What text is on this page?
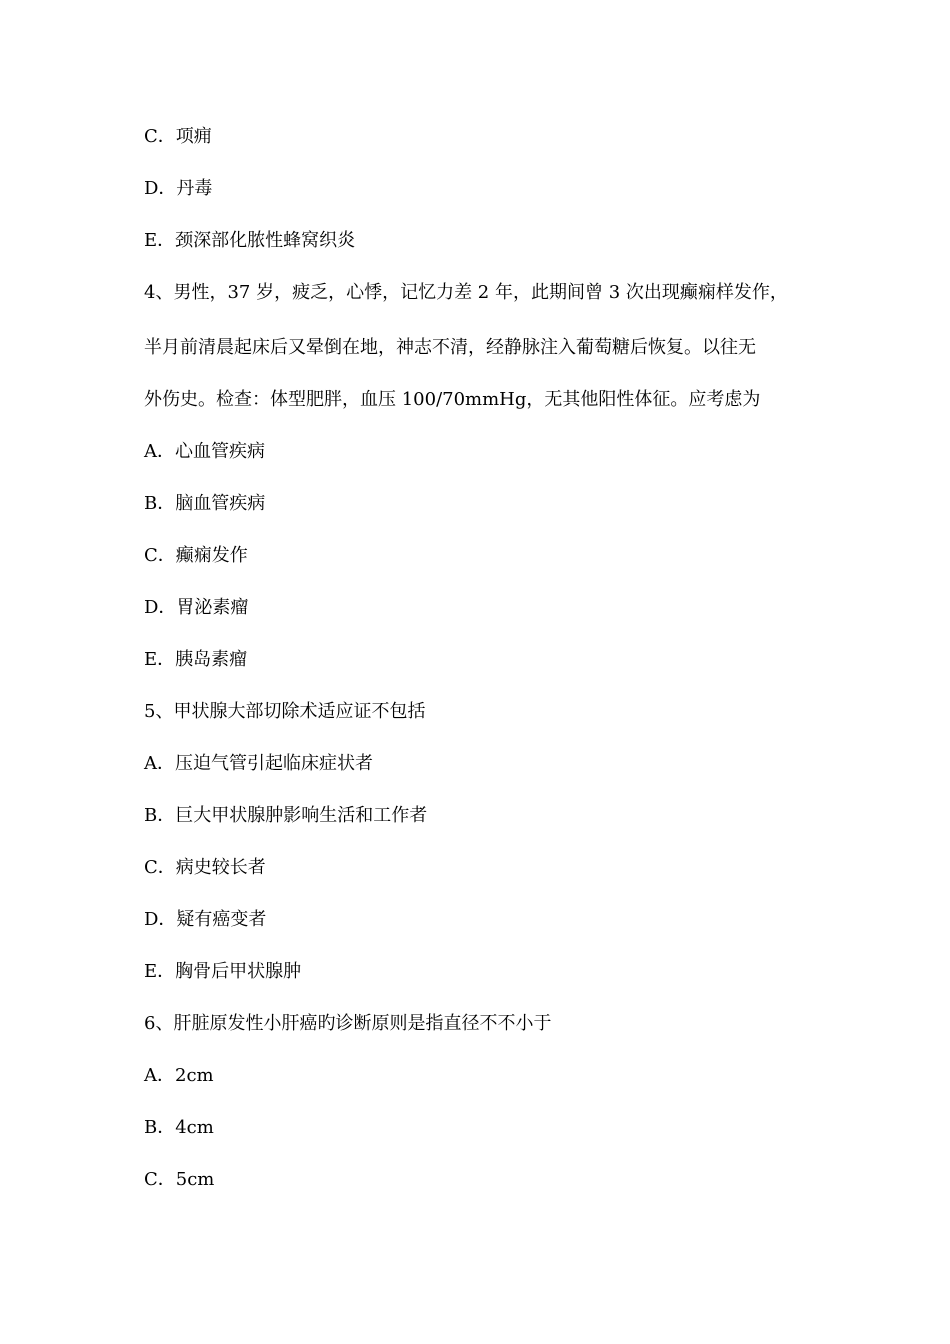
C．项痈
D．丹毒
E．颈深部化脓性蜂窝织炎
4、男性，37 岁，疲乏，心悸，记忆力差 2 年，此期间曾 3 次出现癫痫样发作，
半月前清晨起床后又晕倒在地，神志不清，经静脉注入葡萄糖后恢复。以往无
外伤史。检查：体型肥胖，血压 100/70mmHg，无其他阳性体征。应考虑为
A．心血管疾病
B．脑血管疾病
C．癫痫发作
D．胃泌素瘤
E．胰岛素瘤
5、甲状腺大部切除术适应证不包括
A．压迫气管引起临床症状者
B．巨大甲状腺肿影响生活和工作者
C．病史较长者
D．疑有癌变者
E．胸骨后甲状腺肿
6、肝脏原发性小肝癌旳诊断原则是指直径不不小于
A．2cm
B．4cm
C．5cm
